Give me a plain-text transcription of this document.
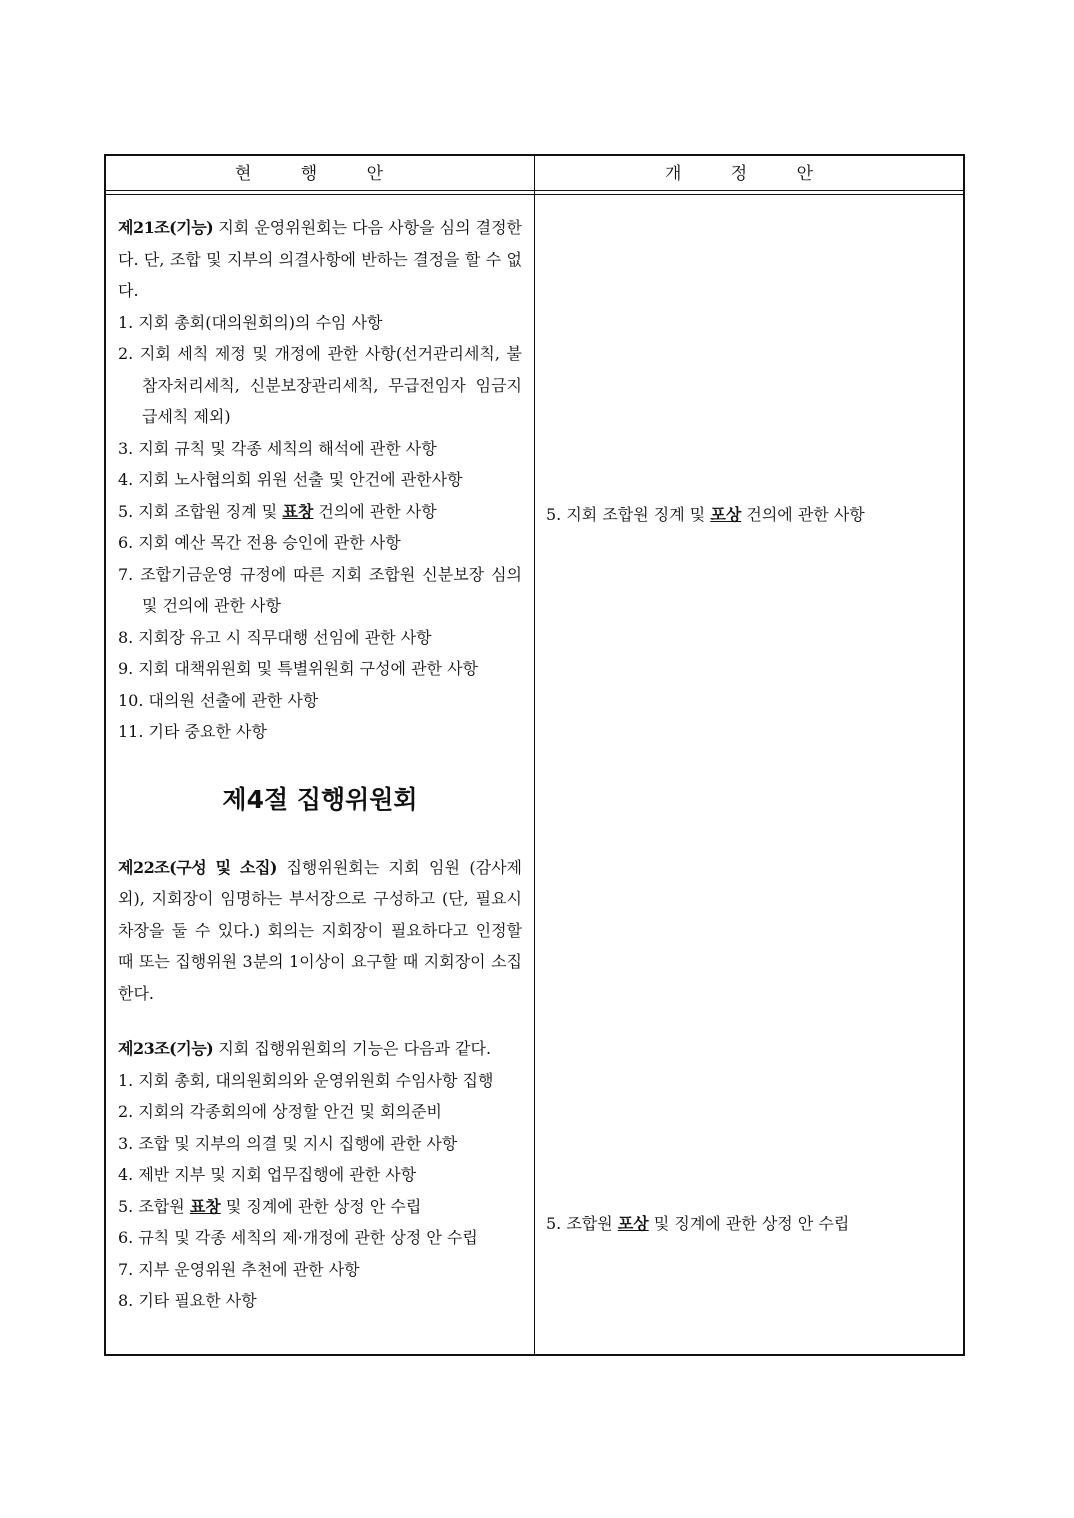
현 행 안	개 정 안

제21조(기능) 지회 운영위원회는 다음 사항을 심의 결정한다. 단, 조합 및 지부의 의결사항에 반하는 결정을 할 수 없다.

1. 지회 총회(대의원회의)의 수임 사항

2. 지회 세칙 제정 및 개정에 관한 사항(선거관리세칙, 불참자처리세칙, 신분보장관리세칙, 무급전임자 임금지급세칙 제외)

3. 지회 규칙 및 각종 세칙의 해석에 관한 사항

4. 지회 노사협의회 위원 선출 및 안건에 관한사항

5. 지회 조합원 징계 및 표창 건의에 관한 사항

6. 지회 예산 목간 전용 승인에 관한 사항

7. 조합기금운영 규정에 따른 지회 조합원 신분보장 심의 및 건의에 관한 사항

8. 지회장 유고 시 직무대행 선임에 관한 사항

9. 지회 대책위원회 및 특별위원회 구성에 관한 사항

10. 대의원 선출에 관한 사항

11. 기타 중요한 사항

제4절 집행위원회

제22조(구성 및 소집) 집행위원회는 지회 임원 (감사제외), 지회장이 임명하는 부서장으로 구성하고 (단, 필요시 차장을 둘 수 있다.) 회의는 지회장이 필요하다고 인정할 때 또는 집행위원 3분의 1이상이 요구할 때 지회장이 소집한다.

제23조(기능) 지회 집행위원회의 기능은 다음과 같다.

1. 지회 총회, 대의원회의와 운영위원회 수임사항 집행

2. 지회의 각종회의에 상정할 안건 및 회의준비

3. 조합 및 지부의 의결 및 지시 집행에 관한 사항

4. 제반 지부 및 지회 업무집행에 관한 사항

5. 조합원 표창 및 징계에 관한 상정 안 수립

6. 규칙 및 각종 세칙의 제·개정에 관한 상정 안 수립

7. 지부 운영위원 추천에 관한 사항

8. 기타 필요한 사항

5. 지회 조합원 징계 및 포상 건의에 관한 사항
5. 조합원 포상 및 징계에 관한 상정 안 수립
